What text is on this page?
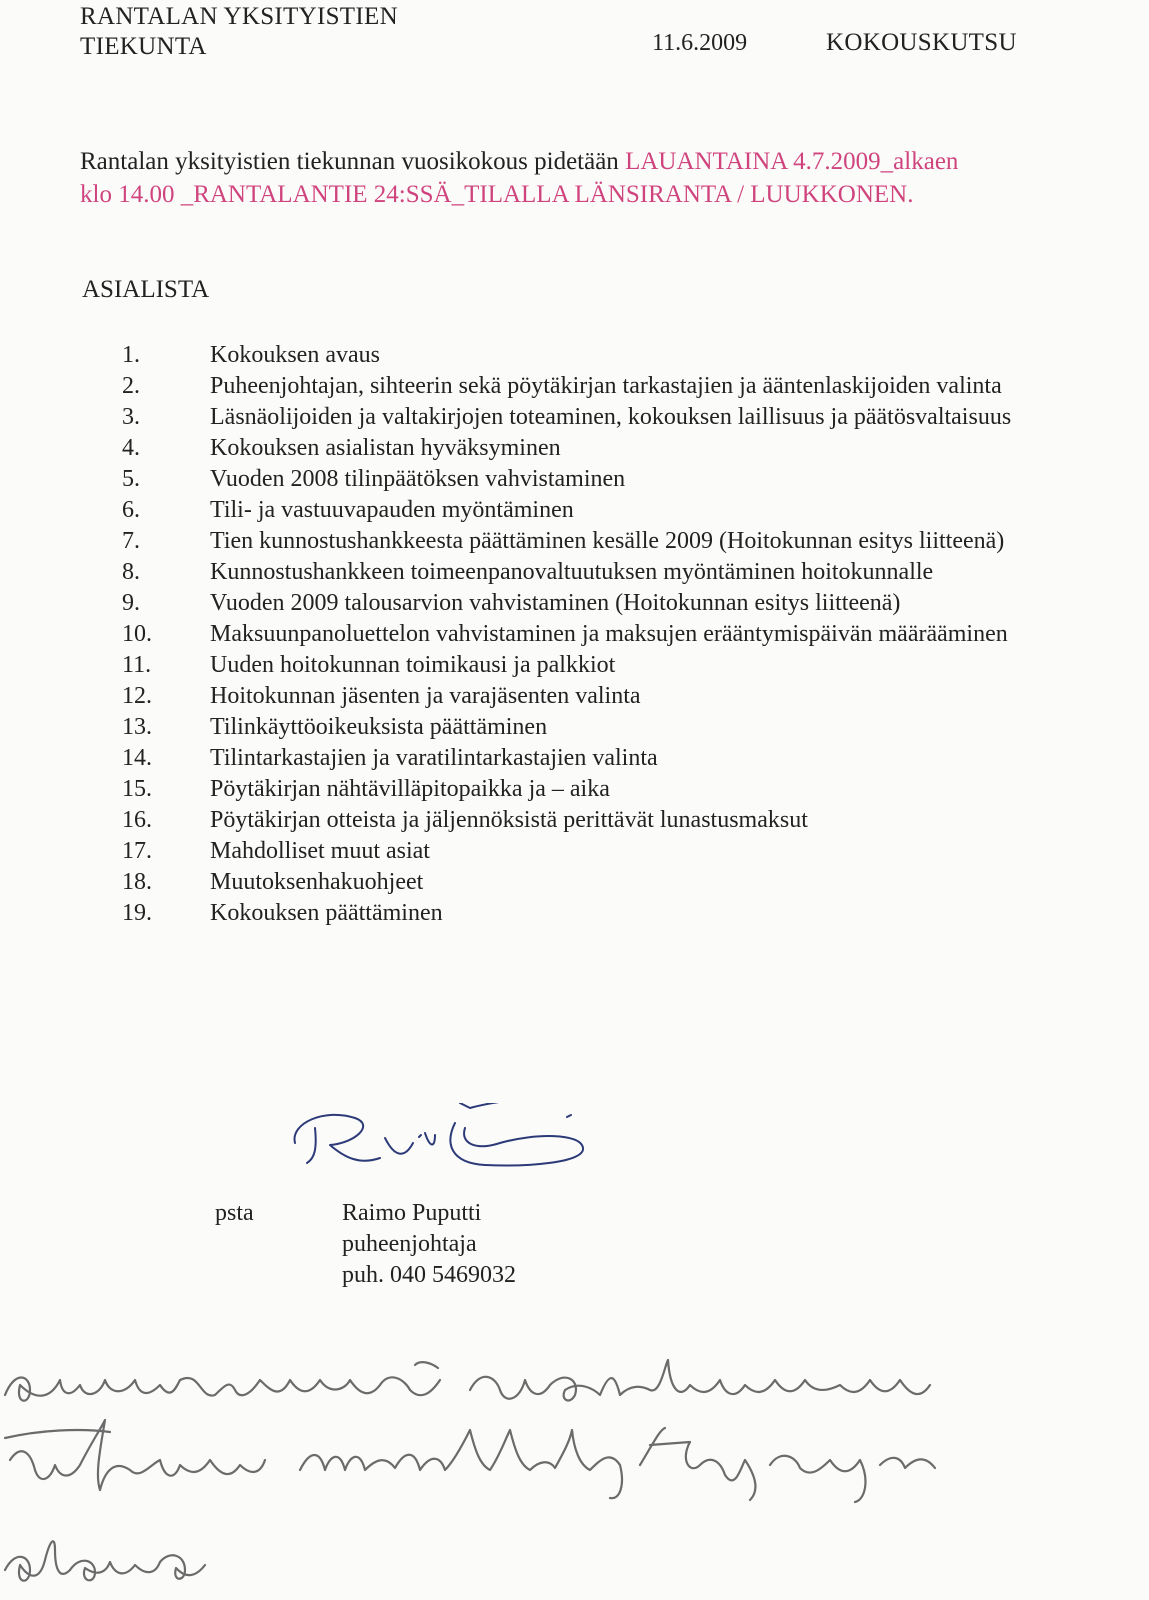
RANTALAN YKSITYISTIEN
TIEKUNTA	11.6.2009	KOKOUSKUTSU
Rantalan yksityistien tiekunnan vuosikokous pidetään LAUANTAINA 4.7.2009_alkaen
klo 14.00 _RANTALANTIE 24:SSÄ_TILALLA LÄNSIRANTA / LUUKKONEN.
ASIALISTA
1.	Kokouksen avaus
2.	Puheenjohtajan, sihteerin sekä pöytäkirjan tarkastajien ja ääntenlaskijoiden valinta
3.	Läsnäolijoiden ja valtakirjojen toteaminen, kokouksen laillisuus ja päätösvaltaisuus
4.	Kokouksen asialistan hyväksyminen
5.	Vuoden 2008 tilinpäätöksen vahvistaminen
6.	Tili- ja vastuuvapauden myöntäminen
7.	Tien kunnostushankkeesta päättäminen kesälle 2009 (Hoitokunnan esitys liitteenä)
8.	Kunnostushankkeen toimeenpanovaltuutuksen myöntäminen hoitokunnalle
9.	Vuoden 2009 talousarvion vahvistaminen (Hoitokunnan esitys liitteenä)
10.	Maksuunpanoluettelon vahvistaminen ja maksujen erääntymispäivän määrääminen
11.	Uuden hoitokunnan toimikausi ja palkkiot
12.	Hoitokunnan jäsenten ja varajäsenten valinta
13.	Tilinkäyttöoikeuksista päättäminen
14.	Tilintarkastajien ja varatilintarkastajien valinta
15.	Pöytäkirjan nähtävilläpitopaikka ja – aika
16.	Pöytäkirjan otteista ja jäljennöksistä perittävät lunastusmaksut
17.	Mahdolliset muut asiat
18.	Muutoksenhakuohjeet
19.	Kokouksen päättäminen
psta	Raimo Puputti
puheenjohtaja
puh. 040 5469032
